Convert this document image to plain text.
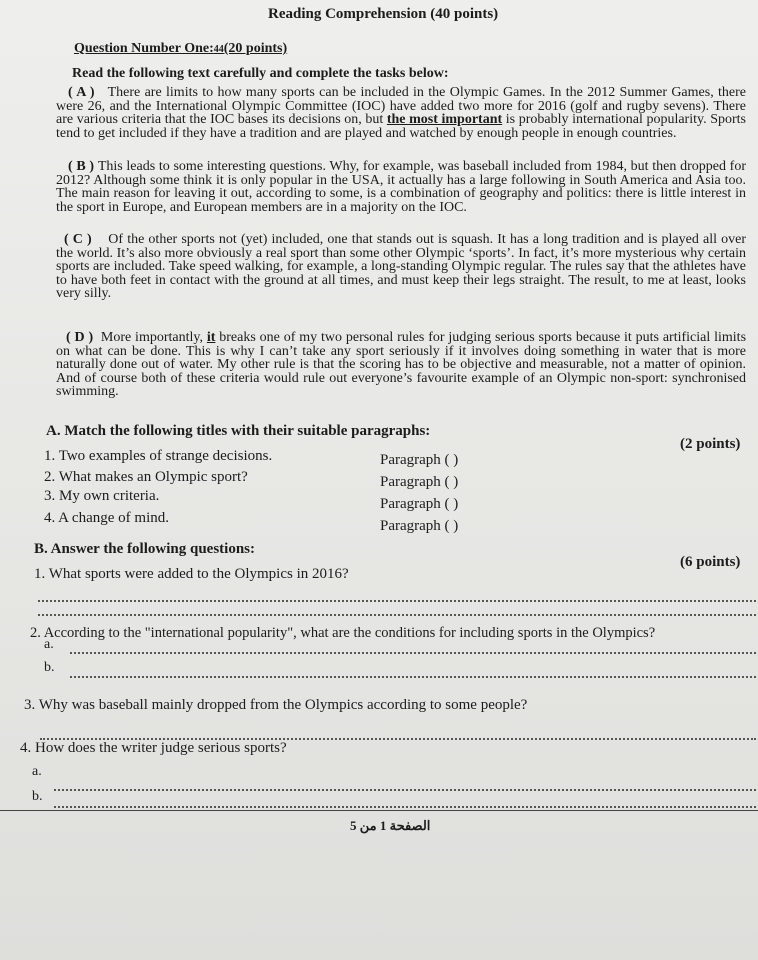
Reading Comprehension (40 points)
Question Number One:44(20 points)
Read the following text carefully and complete the tasks below:
( A ) There are limits to how many sports can be included in the Olympic Games. In the 2012 Summer Games, there were 26, and the International Olympic Committee (IOC) have added two more for 2016 (golf and rugby sevens). There are various criteria that the IOC bases its decisions on, but the most important is probably international popularity. Sports tend to get included if they have a tradition and are played and watched by enough people in enough countries.
( B ) This leads to some interesting questions. Why, for example, was baseball included from 1984, but then dropped for 2012? Although some think it is only popular in the USA, it actually has a large following in South America and Asia too. The main reason for leaving it out, according to some, is a combination of geography and politics: there is little interest in the sport in Europe, and European members are in a majority on the IOC.
( C ) Of the other sports not (yet) included, one that stands out is squash. It has a long tradition and is played all over the world. It’s also more obviously a real sport than some other Olympic ‘sports’. In fact, it’s more mysterious why certain sports are included. Take speed walking, for example, a long-standing Olympic regular. The rules say that the athletes have to have both feet in contact with the ground at all times, and must keep their legs straight. The result, to me at least, looks very silly.
( D ) More importantly, it breaks one of my two personal rules for judging serious sports because it puts artificial limits on what can be done. This is why I can’t take any sport seriously if it involves doing something in water that is more naturally done out of water. My other rule is that the scoring has to be objective and measurable, not a matter of opinion. And of course both of these criteria would rule out everyone’s favourite example of an Olympic non-sport: synchronised swimming.
A. Match the following titles with their suitable paragraphs:
(2 points)
1. Two examples of strange decisions.	Paragraph ( )
2. What makes an Olympic sport?	Paragraph ( )
3. My own criteria.	Paragraph ( )
4. A change of mind.	Paragraph ( )
B. Answer the following questions:
(6 points)
1. What sports were added to the Olympics in 2016?
2. According to the "international popularity", what are the conditions for including sports in the Olympics?
a.
b.
3. Why was baseball mainly dropped from the Olympics according to some people?
4. How does the writer judge serious sports?
a.
b.
الصفحة 1 من 5
